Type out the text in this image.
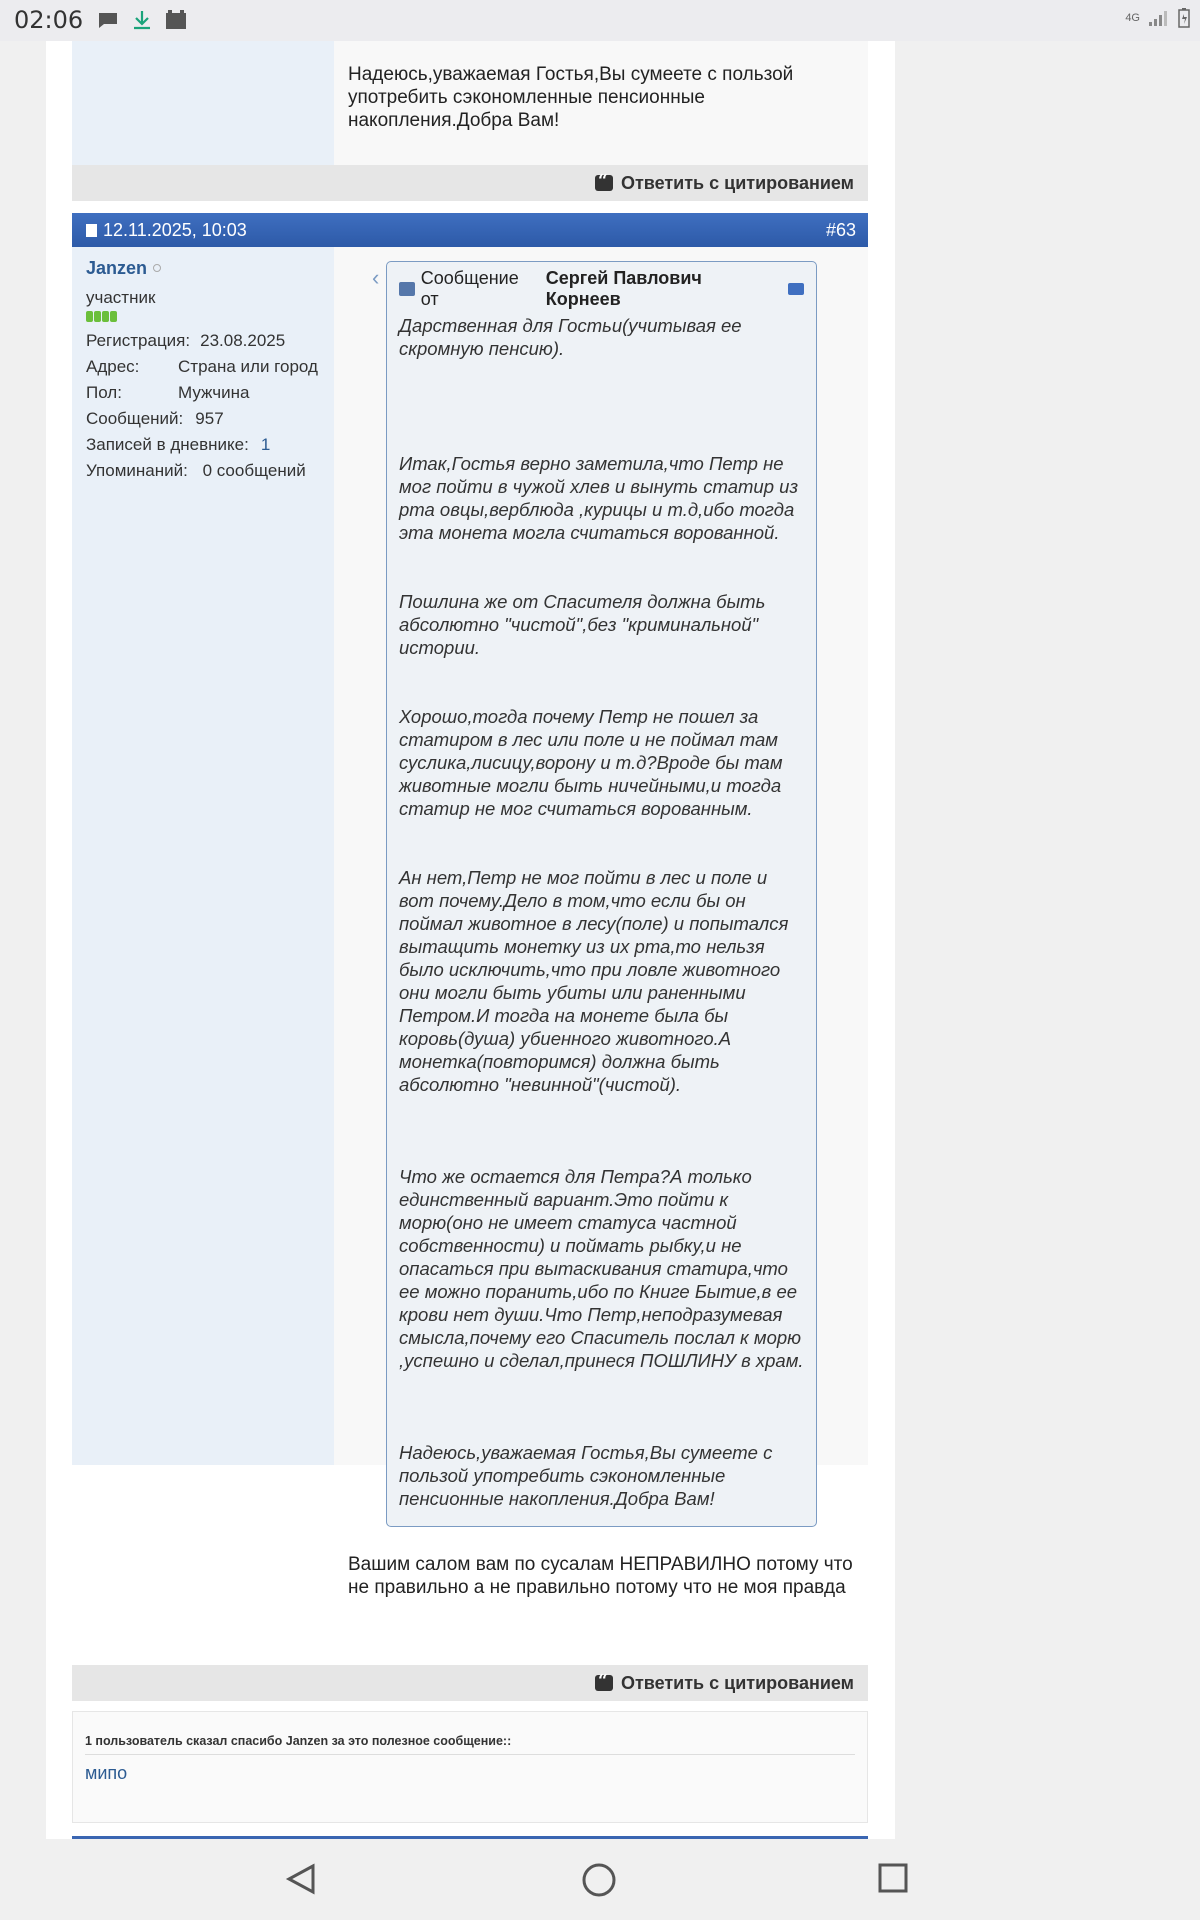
02:06	4G
Надеюсь,уважаемая Гостья,Вы сумеете с пользой употребить сэкономленные пенсионные накопления.Добра Вам!
“
Ответить с цитированием
12.11.2025, 10:03	#63
Janzen
участник
Регистрация: 23.08.2025
Адрес:	Страна или город
Пол:	Мужчина
Сообщений: 957
Записей в дневнике: 1
Упоминаний: 0 сообщений
‹ Сообщение от
Сергей Павлович Корнеев
Дарственная для Гостьи(учитывая ее скромную пенсию).
Итак,Гостья верно заметила,что Петр не мог пойти в чужой хлев и вынуть статир из рта овцы,верблюда ,курицы и т.д,ибо тогда эта монета могла считаться ворованной.
Пошлина же от Спасителя должна быть абсолютно "чистой",без "криминальной" истории.
Хорошо,тогда почему Петр не пошел за статиром в лес или поле и не поймал там суслика,лисицу,ворону и т.д?Вроде бы там животные могли быть ничейными,и тогда статир не мог считаться ворованным.
Ан нет,Петр не мог пойти в лес и поле и вот почему.Дело в том,что если бы он поймал животное в лесу(поле) и попытался вытащить монетку из их рта,то нельзя было исключить,что при ловле животного они могли быть убиты или раненными Петром.И тогда на монете была бы коровь(душа) убиенного животного.А монетка(повторимся) должна быть абсолютно "невинной"(чистой).
Что же остается для Петра?А только единственный вариант.Это пойти к морю(оно не имеет статуса частной собственности) и поймать рыбку,и не опасаться при вытаскивания статира,что ее можно поранить,ибо по Книге Бытие,в ее крови нет души.Что Петр,неподразумевая смысла,почему его Спаситель послал к морю ,успешно и сделал,принеся ПОШЛИНУ в храм.
Надеюсь,уважаемая Гостья,Вы сумеете с пользой употребить сэкономленные пенсионные накопления.Добра Вам!
Вашим салом вам по сусалам НЕПРАВИЛНО потому что не правильно а не правильно потому что не моя правда
“
Ответить с цитированием
1 пользователь сказал спасибо Janzen за это полезное сообщение::
мипо
